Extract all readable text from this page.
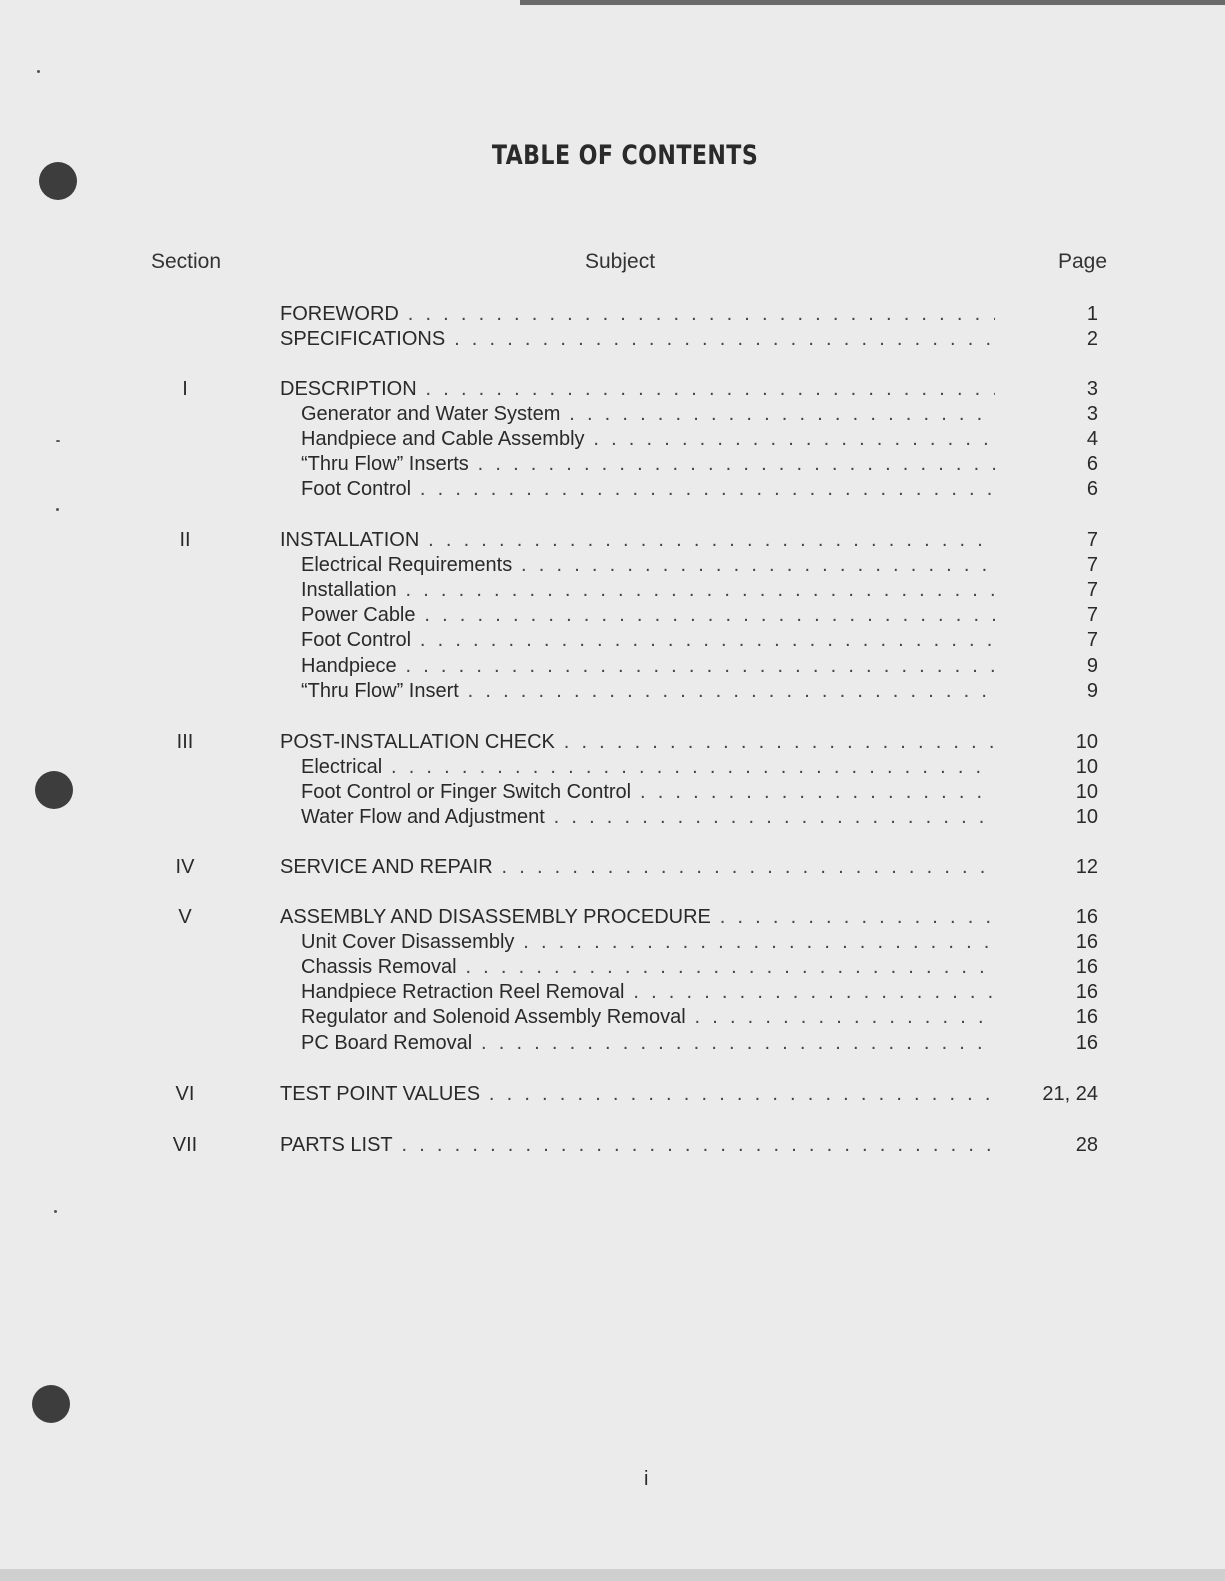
TABLE OF CONTENTS
Section	Subject	Page
FOREWORD . . .	1
SPECIFICATIONS . . .	2
I	DESCRIPTION . . .	3
Generator and Water System . . .	3
Handpiece and Cable Assembly . . .	4
“Thru Flow” Inserts . . .	6
Foot Control . . .	6
II	INSTALLATION . . .	7
Electrical Requirements . . .	7
Installation . . .	7
Power Cable . . .	7
Foot Control . . .	7
Handpiece . . .	9
“Thru Flow” Insert . . .	9
III	POST-INSTALLATION CHECK . . .	10
Electrical . . .	10
Foot Control or Finger Switch Control . . .	10
Water Flow and Adjustment . . .	10
IV	SERVICE AND REPAIR . . .	12
V	ASSEMBLY AND DISASSEMBLY PROCEDURE . . .	16
Unit Cover Disassembly . . .	16
Chassis Removal . . .	16
Handpiece Retraction Reel Removal . . .	16
Regulator and Solenoid Assembly Removal . . .	16
PC Board Removal . . .	16
VI	TEST POINT VALUES . . .	21, 24
VII	PARTS LIST . . .	28
i
